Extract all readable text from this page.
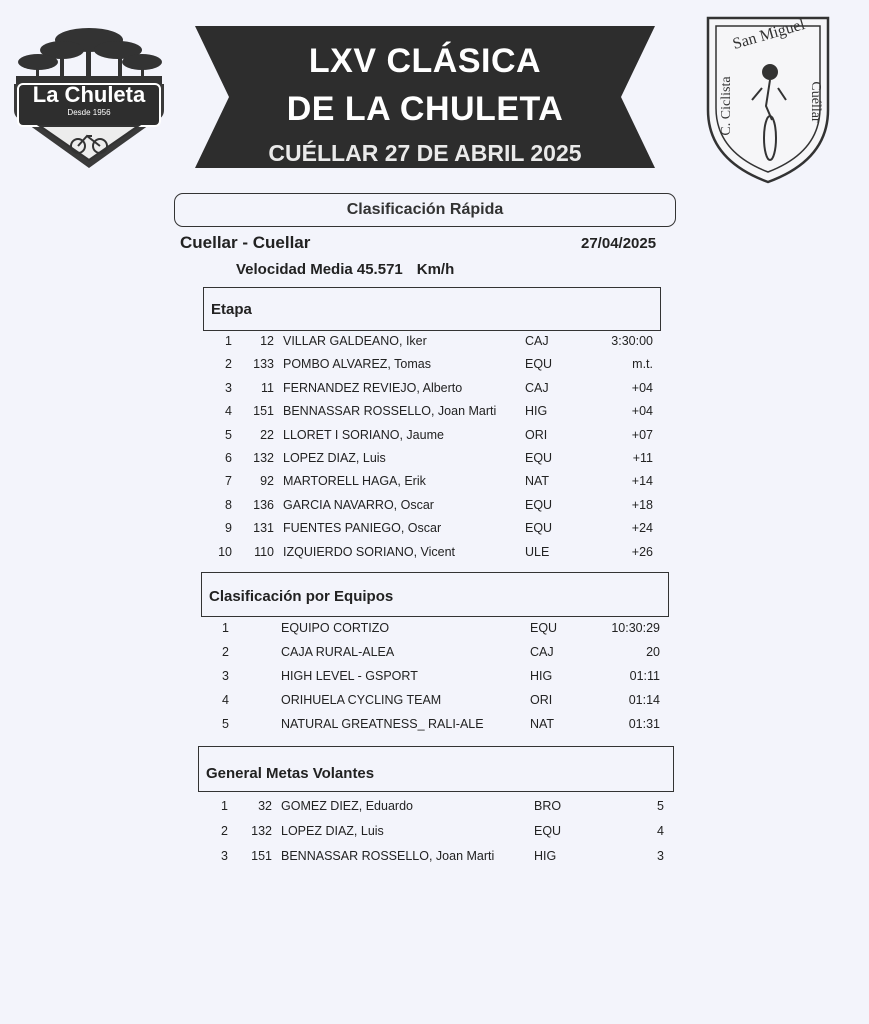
La Chuleta
Desde 1956
LXV CLÁSICA
DE LA CHULETA
CUÉLLAR 27 DE ABRIL 2025
San Miguel
C. Ciclista	Cuéllar
Clasificación Rápida
Cuellar - Cuellar	27/04/2025
Velocidad Media 45.571 Km/h
Etapa
Clasificación por Equipos
General Metas Volantes
1	12 VILLAR GALDEANO, Iker	CAJ	3:30:00
2	133 POMBO ALVAREZ, Tomas	EQU	m.t.
3	11 FERNANDEZ REVIEJO, Alberto	CAJ	+04
4	151 BENNASSAR ROSSELLO, Joan Marti HIG	+04
5	22 LLORET I SORIANO, Jaume	ORI	+07
6	132 LOPEZ DIAZ, Luis	EQU	+11
7	92 MARTORELL HAGA, Erik	NAT	+14
8	136 GARCIA NAVARRO, Oscar	EQU	+18
9	131 FUENTES PANIEGO, Oscar	EQU	+24
10	110 IZQUIERDO SORIANO, Vicent	ULE	+26
1	EQUIPO CORTIZO	EQU	10:30:29
2	CAJA RURAL-ALEA	CAJ	20
3	HIGH LEVEL - GSPORT	HIG	01:11
4	ORIHUELA CYCLING TEAM	ORI	01:14
5	NATURAL GREATNESS_ RALI-ALE	NAT	01:31
1	32 GOMEZ DIEZ, Eduardo	BRO	5
2	132 LOPEZ DIAZ, Luis	EQU	4
3	151 BENNASSAR ROSSELLO, Joan Marti	HIG	3
